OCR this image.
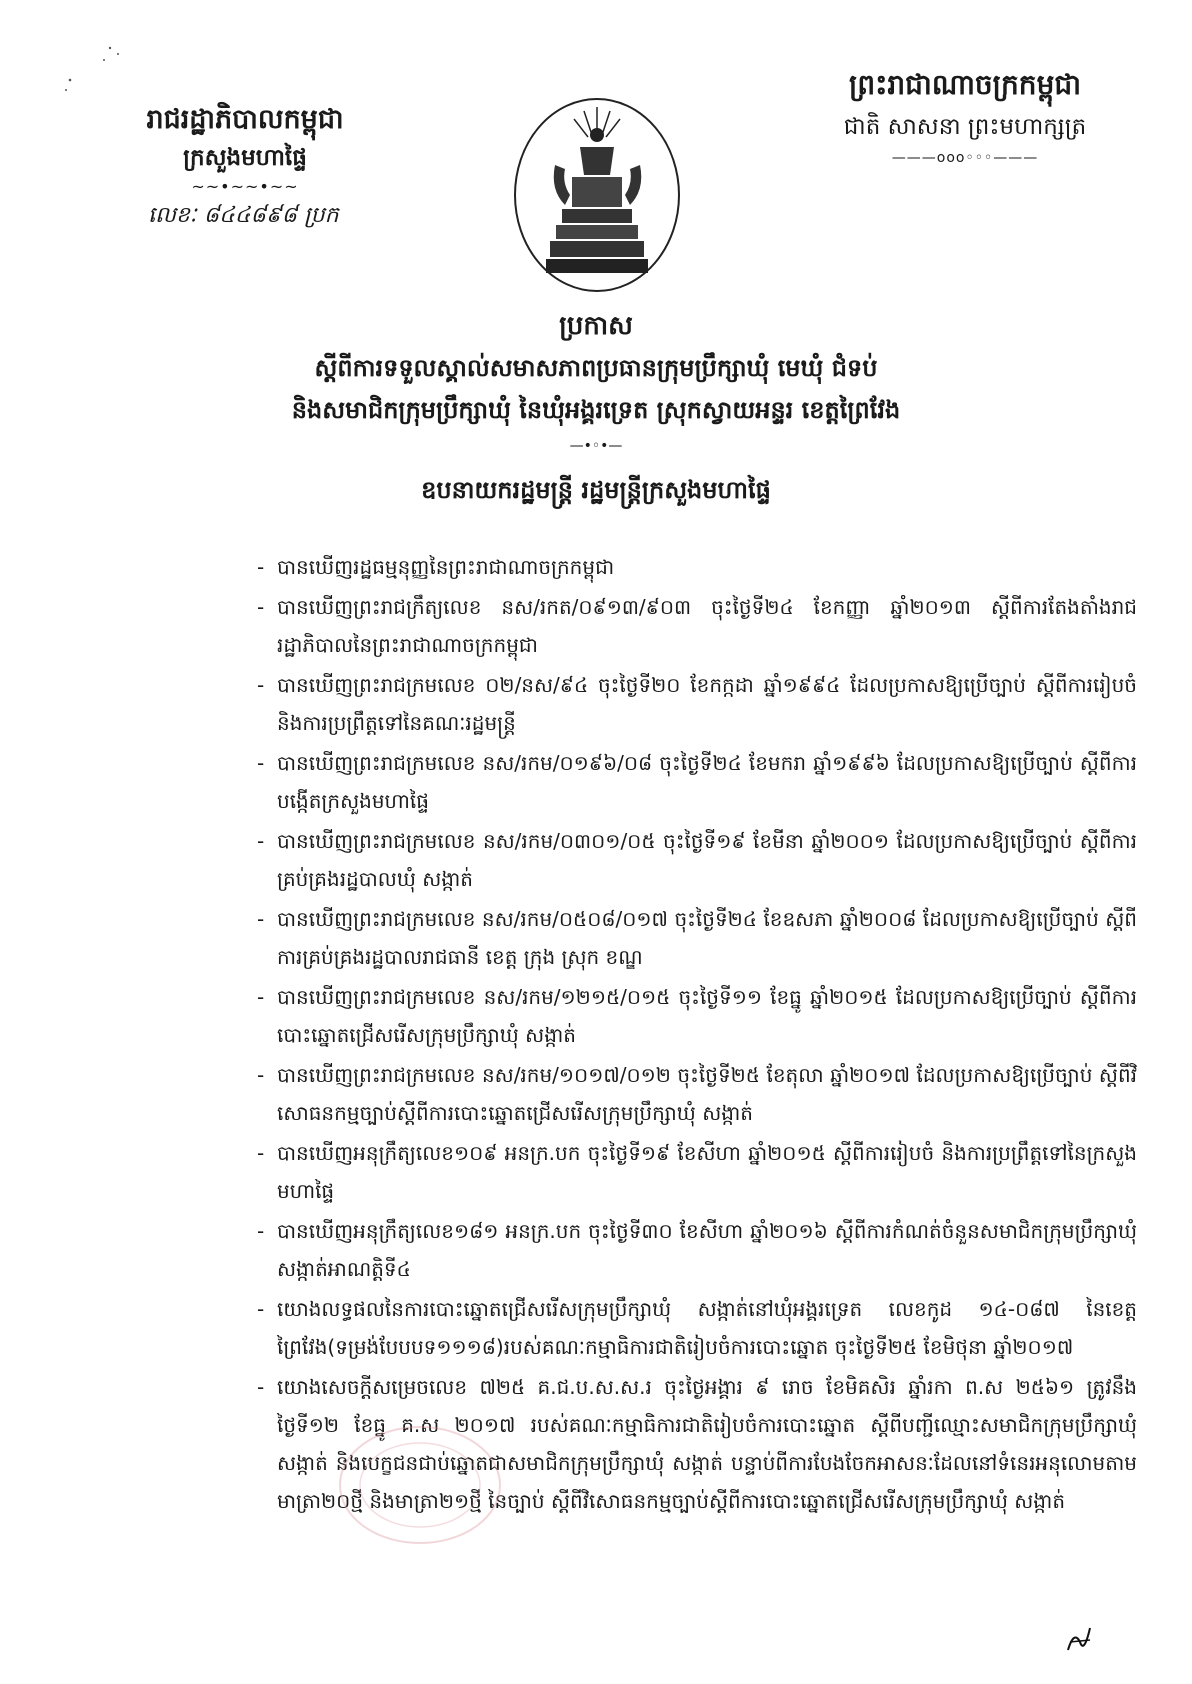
រាជរដ្ឋាភិបាលកម្ពុជា
ក្រសួងមហាផ្ទៃ
~~•~~•~~
លេខៈ ៨៤៤៨៩៨ ប្រក
ព្រះរាជាណាចក្រកម្ពុជា
ជាតិ សាសនា ព្រះមហាក្សត្រ
———ooo◦◦◦———
ប្រកាស
ស្តីពីការទទួលស្គាល់សមាសភាពប្រធានក្រុមប្រឹក្សាឃុំ មេឃុំ ជំទប់
និងសមាជិកក្រុមប្រឹក្សាឃុំ នៃឃុំអង្គរទ្រេត ស្រុកស្វាយអន្ទរ ខេត្តព្រៃវែង
—•◦•—
ឧបនាយករដ្ឋមន្ត្រី រដ្ឋមន្ត្រីក្រសួងមហាផ្ទៃ
- បានឃើញរដ្ឋធម្មនុញ្ញនៃព្រះរាជាណាចក្រកម្ពុជា
- បានឃើញព្រះរាជក្រឹត្យលេខ នស/រកត/០៩១៣/៩០៣ ចុះថ្ងៃទី២៤ ខែកញ្ញា ឆ្នាំ២០១៣ ស្តីពីការតែងតាំងរាជរដ្ឋាភិបាលនៃព្រះរាជាណាចក្រកម្ពុជា
- បានឃើញព្រះរាជក្រមលេខ ០២/នស/៩៤ ចុះថ្ងៃទី២០ ខែកក្កដា ឆ្នាំ១៩៩៤ ដែលប្រកាសឱ្យប្រើច្បាប់ ស្តីពីការរៀបចំ និងការប្រព្រឹត្តទៅនៃគណៈរដ្ឋមន្ត្រី
- បានឃើញព្រះរាជក្រមលេខ នស/រកម/០១៩៦/០៨ ចុះថ្ងៃទី២៤ ខែមករា ឆ្នាំ១៩៩៦ ដែលប្រកាសឱ្យប្រើច្បាប់ ស្តីពីការបង្កើតក្រសួងមហាផ្ទៃ
- បានឃើញព្រះរាជក្រមលេខ នស/រកម/០៣០១/០៥ ចុះថ្ងៃទី១៩ ខែមីនា ឆ្នាំ២០០១ ដែលប្រកាសឱ្យប្រើច្បាប់ ស្តីពីការគ្រប់គ្រងរដ្ឋបាលឃុំ សង្កាត់
- បានឃើញព្រះរាជក្រមលេខ នស/រកម/០៥០៨/០១៧ ចុះថ្ងៃទី២៤ ខែឧសភា ឆ្នាំ២០០៨ ដែលប្រកាសឱ្យប្រើច្បាប់ ស្តីពីការគ្រប់គ្រងរដ្ឋបាលរាជធានី ខេត្ត ក្រុង ស្រុក ខណ្ឌ
- បានឃើញព្រះរាជក្រមលេខ នស/រកម/១២១៥/០១៥ ចុះថ្ងៃទី១១ ខែធ្នូ ឆ្នាំ២០១៥ ដែលប្រកាសឱ្យប្រើច្បាប់ ស្តីពីការបោះឆ្នោតជ្រើសរើសក្រុមប្រឹក្សាឃុំ សង្កាត់
- បានឃើញព្រះរាជក្រមលេខ នស/រកម/១០១៧/០១២ ចុះថ្ងៃទី២៥ ខែតុលា ឆ្នាំ២០១៧ ដែលប្រកាសឱ្យប្រើច្បាប់ ស្តីពីវិសោធនកម្មច្បាប់ស្តីពីការបោះឆ្នោតជ្រើសរើសក្រុមប្រឹក្សាឃុំ សង្កាត់
- បានឃើញអនុក្រឹត្យលេខ១០៩ អនក្រ.បក ចុះថ្ងៃទី១៩ ខែសីហា ឆ្នាំ២០១៥ ស្តីពីការរៀបចំ និងការប្រព្រឹត្តទៅនៃក្រសួងមហាផ្ទៃ
- បានឃើញអនុក្រឹត្យលេខ១៨១ អនក្រ.បក ចុះថ្ងៃទី៣០ ខែសីហា ឆ្នាំ២០១៦ ស្តីពីការកំណត់ចំនួនសមាជិកក្រុមប្រឹក្សាឃុំ សង្កាត់អាណត្តិទី៤
- យោងលទ្ធផលនៃការបោះឆ្នោតជ្រើសរើសក្រុមប្រឹក្សាឃុំ សង្កាត់នៅឃុំអង្គរទ្រេត លេខកូដ ១៤-០៨៧ នៃខេត្តព្រៃវែង(ទម្រង់បែបបទ១១១៨)របស់គណៈកម្មាធិការជាតិរៀបចំការបោះឆ្នោត ចុះថ្ងៃទី២៥ ខែមិថុនា ឆ្នាំ២០១៧
- យោងសេចក្តីសម្រេចលេខ ៧២៥ គ.ជ.ប.ស.ស.រ ចុះថ្ងៃអង្គារ ៩ រោច ខែមិគសិរ ឆ្នាំរកា ព.ស ២៥៦១ ត្រូវនឹងថ្ងៃទី១២ ខែធ្នូ គ.ស ២០១៧ របស់គណៈកម្មាធិការជាតិរៀបចំការបោះឆ្នោត ស្តីពីបញ្ជីឈ្មោះសមាជិកក្រុមប្រឹក្សាឃុំ សង្កាត់ និងបេក្ខជនជាប់ឆ្នោតជាសមាជិកក្រុមប្រឹក្សាឃុំ សង្កាត់ បន្ទាប់ពីការបែងចែកអាសនៈដែលនៅទំនេរអនុលោមតាមមាត្រា២០ថ្មី និងមាត្រា២១ថ្មី នៃច្បាប់ ស្តីពីវិសោធនកម្មច្បាប់ស្តីពីការបោះឆ្នោតជ្រើសរើសក្រុមប្រឹក្សាឃុំ សង្កាត់
